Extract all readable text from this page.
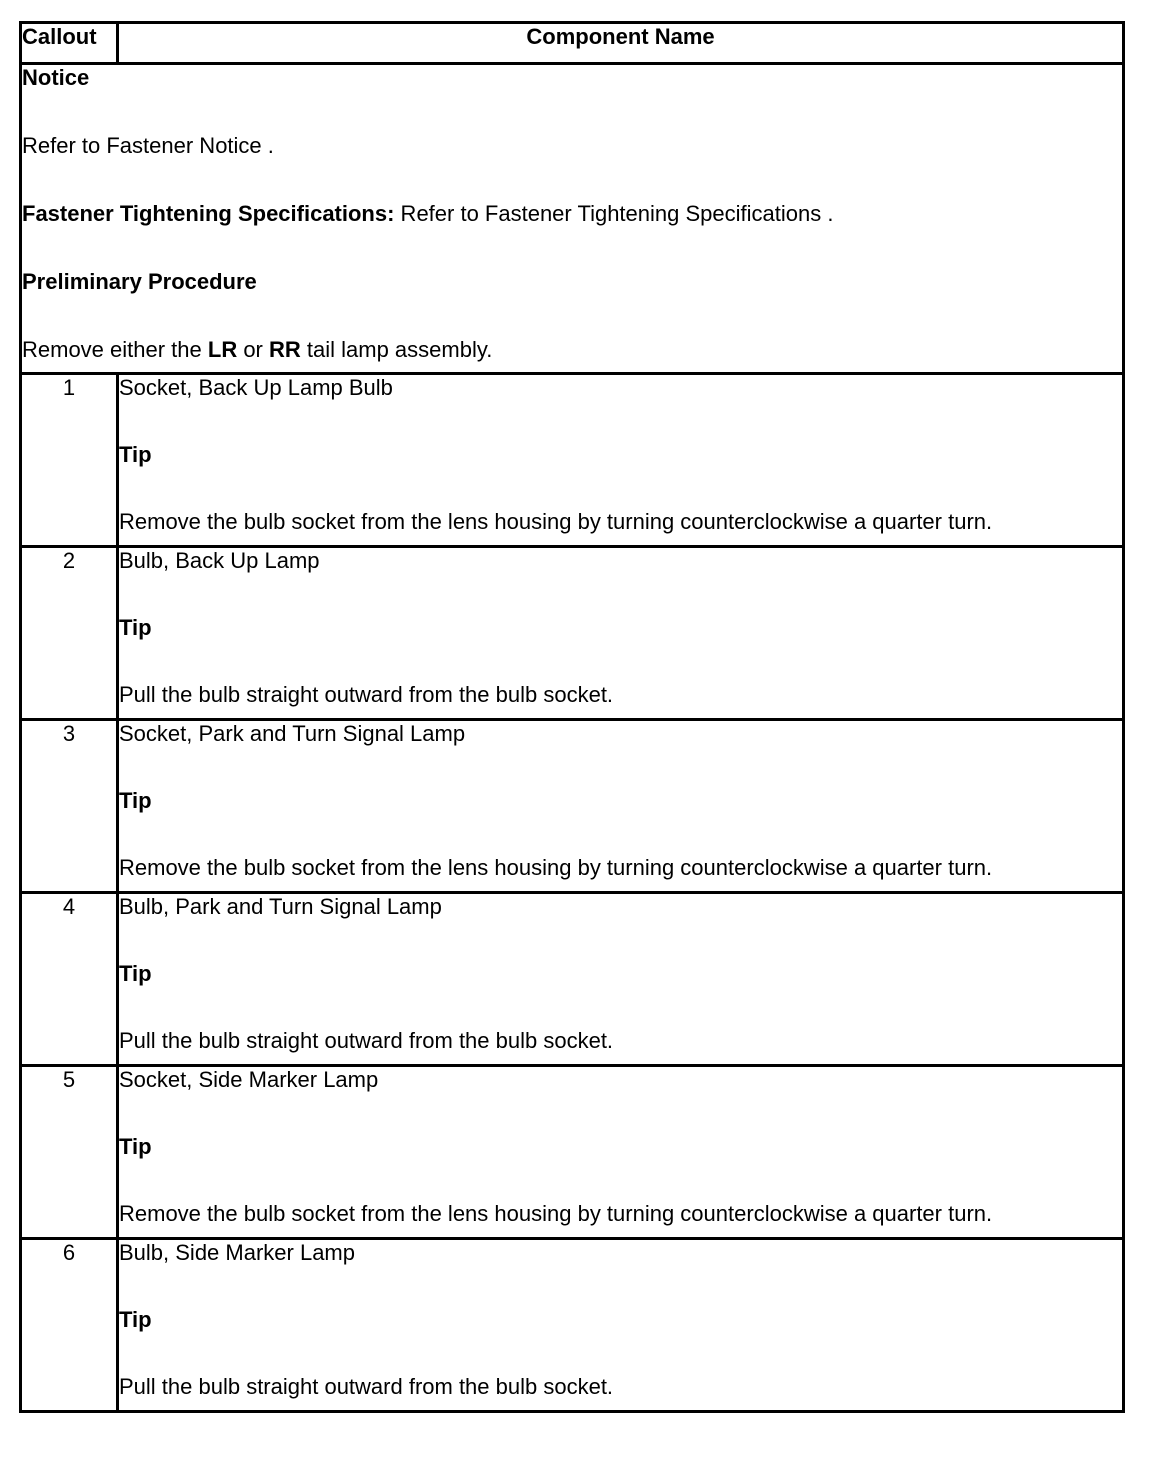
Callout	Component Name

Notice

Refer to Fastener Notice .

Fastener Tightening Specifications: Refer to Fastener Tightening Specifications .

Preliminary Procedure

Remove either the LR or RR tail lamp assembly.	

1	Socket, Back Up Lamp Bulb

Tip

Remove the bulb socket from the lens housing by turning counterclockwise a quarter turn.

2	Bulb, Back Up Lamp

Tip

Pull the bulb straight outward from the bulb socket.

3	Socket, Park and Turn Signal Lamp

Tip

Remove the bulb socket from the lens housing by turning counterclockwise a quarter turn.

4	Bulb, Park and Turn Signal Lamp

Tip

Pull the bulb straight outward from the bulb socket.

5	Socket, Side Marker Lamp

Tip

Remove the bulb socket from the lens housing by turning counterclockwise a quarter turn.

6	Bulb, Side Marker Lamp

Tip

Pull the bulb straight outward from the bulb socket.
